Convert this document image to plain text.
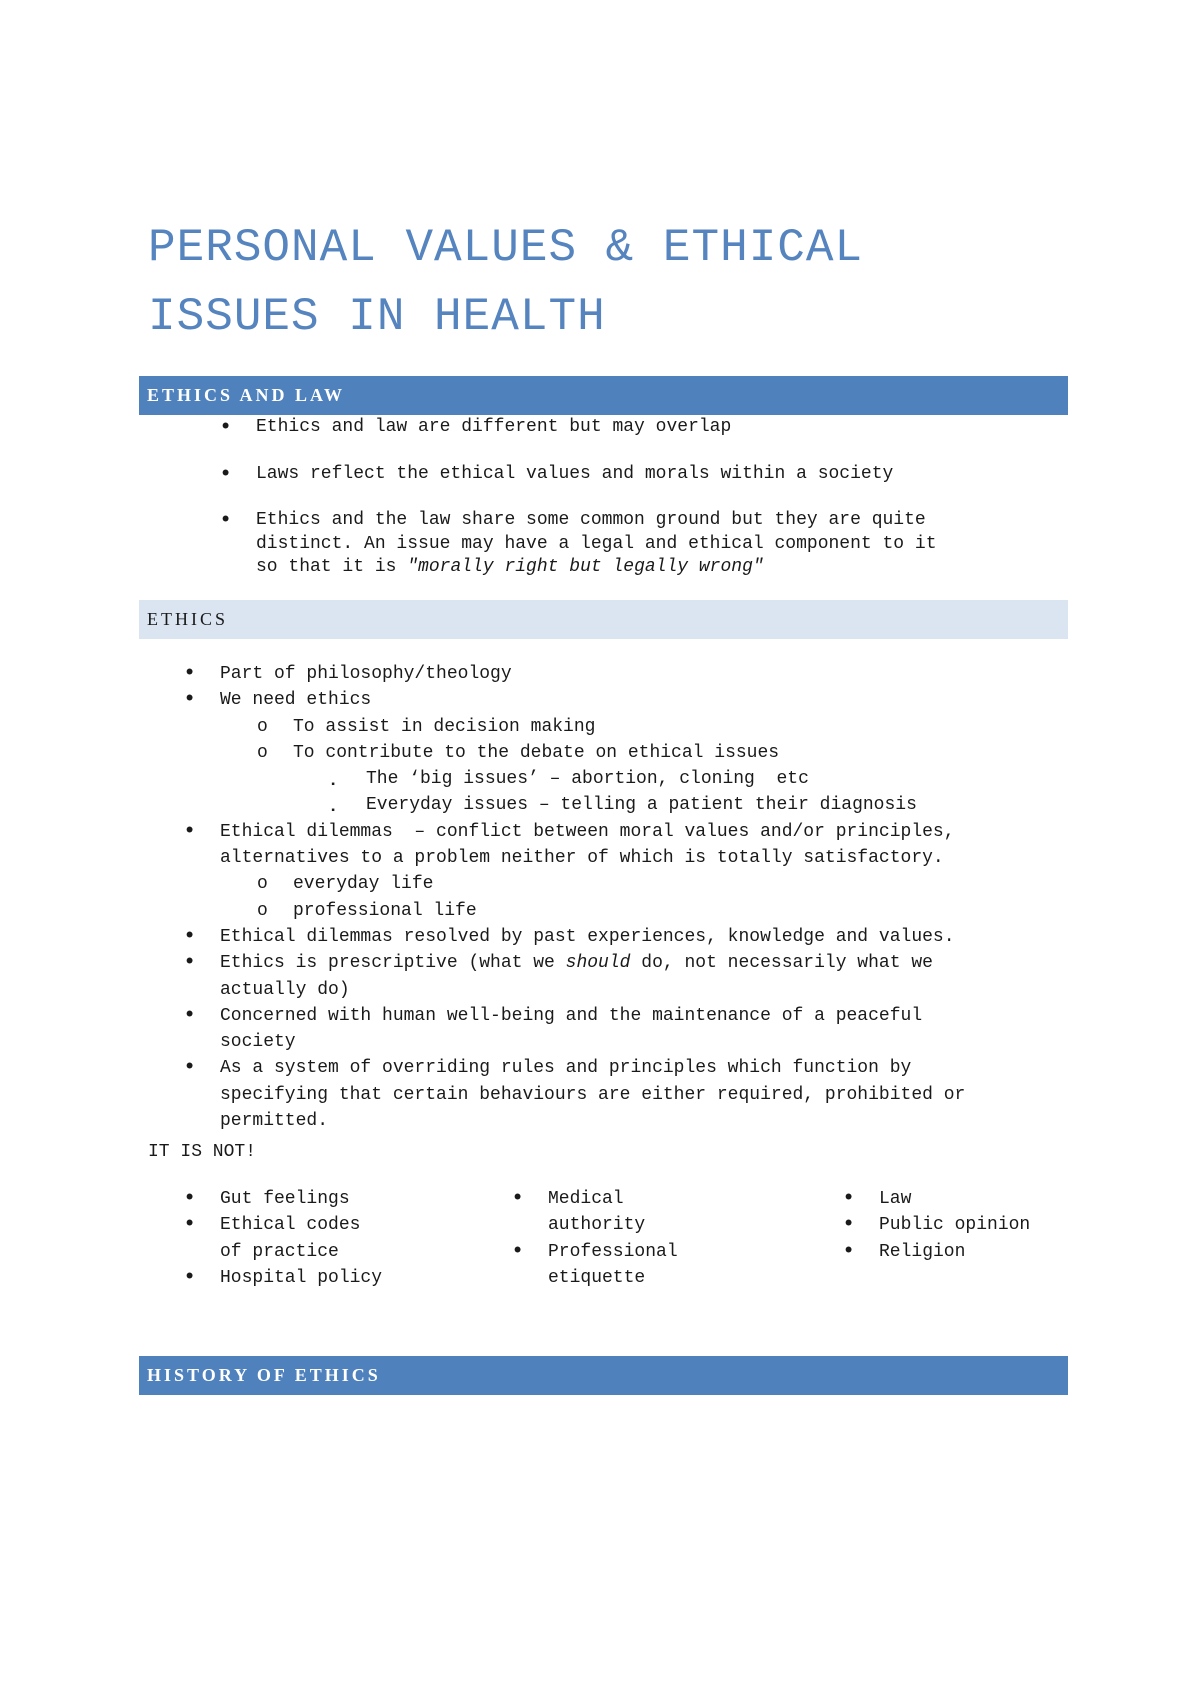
PERSONAL VALUES & ETHICAL
ISSUES IN HEALTH
ETHICS AND LAW
•
Ethics and law are different but may overlap
•
Laws reflect the ethical values and morals within a society
•
Ethics and the law share some common ground but they are quite
distinct. An issue may have a legal and ethical component to it
so that it is "morally right but legally wrong"
ETHICS
•
Part of philosophy/theology
•
We need ethics
o
To assist in decision making
o
To contribute to the debate on ethical issues
▪
The ‘big issues’ – abortion, cloning  etc
▪
Everyday issues – telling a patient their diagnosis
•
Ethical dilemmas  – conflict between moral values and/or principles,
alternatives to a problem neither of which is totally satisfactory.
o
everyday life
o
professional life
•
Ethical dilemmas resolved by past experiences, knowledge and values.
•
Ethics is prescriptive (what we should do, not necessarily what we
actually do)
•
Concerned with human well-being and the maintenance of a peaceful
society
•
As a system of overriding rules and principles which function by
specifying that certain behaviours are either required, prohibited or
permitted.
IT IS NOT!
•
Gut feelings
•
Ethical codes
of practice
•
Hospital policy
•
Medical
authority
•
Professional
etiquette
•
Law
•
Public opinion
•
Religion
HISTORY OF ETHICS
